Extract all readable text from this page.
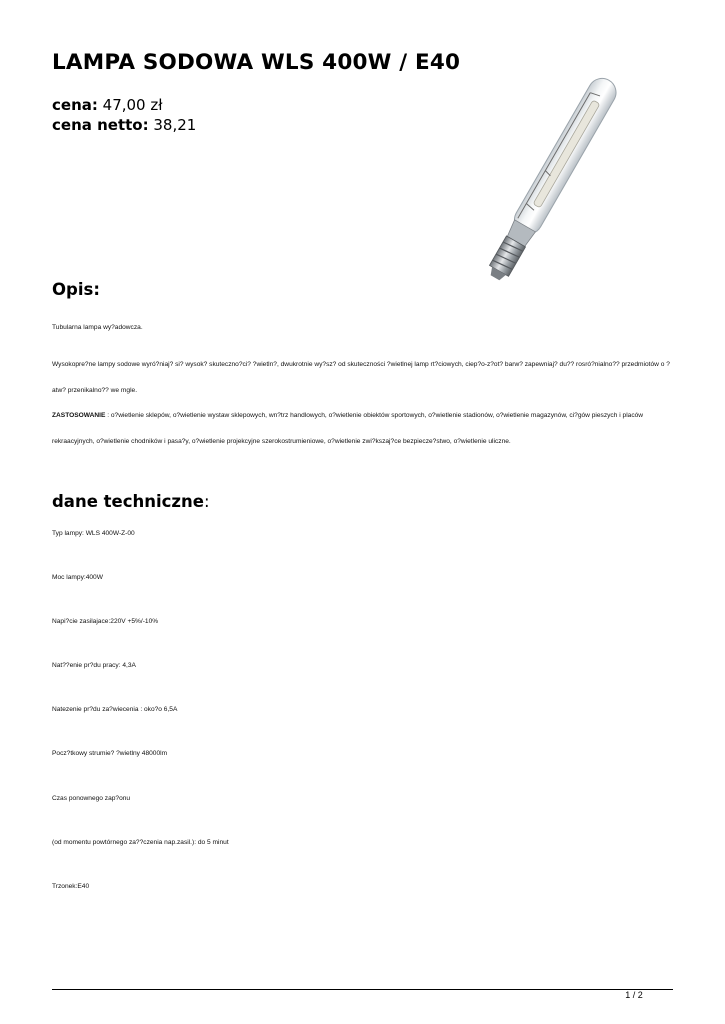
LAMPA SODOWA WLS 400W / E40
cena: 47,00 zł
cena netto: 38,21
Opis:

Tubularna lampa wy?adowcza.

Wysokopre?ne lampy sodowe wyró?niaj? si? wysok? skuteczno?ci? ?wietln?, dwukrotnie wy?sz? od skuteczności ?wietlnej lamp rt?ciowych, ciep?o-z?ot? barw? zapewniaj? du?? rosró?nialno?? przedmiotów o ?atw? przenikalno?? we mgle.

ZASTOSOWANIE : o?wietlenie sklepów, o?wietlenie wystaw sklepowych, wn?trz handlowych, o?wietlenie obiektów sportowych, o?wietlenie stadionów, o?wietlenie magazynów, ci?gów pieszych i placów rekraacyjnych, o?wietlenie chodników i pasa?y, o?wietlenie projekcyjne szerokostrumieniowe, o?wietlenie zwi?kszaj?ce bezpiecze?stwo, o?wietlenie uliczne.

dane techniczne:

Typ lampy: WLS 400W-Z-00

Moc lampy:400W

Napi?cie zasilajace:220V +5%/-10%

Nat??enie pr?du pracy: 4,3A

Natezenie pr?du za?wiecenia : oko?o 6,5A

Pocz?tkowy strumie? ?wietlny 48000lm

Czas ponownego zap?onu

(od momentu powtórnego za??czenia nap.zasil.): do 5 minut

Trzonek:E40

1 / 2
